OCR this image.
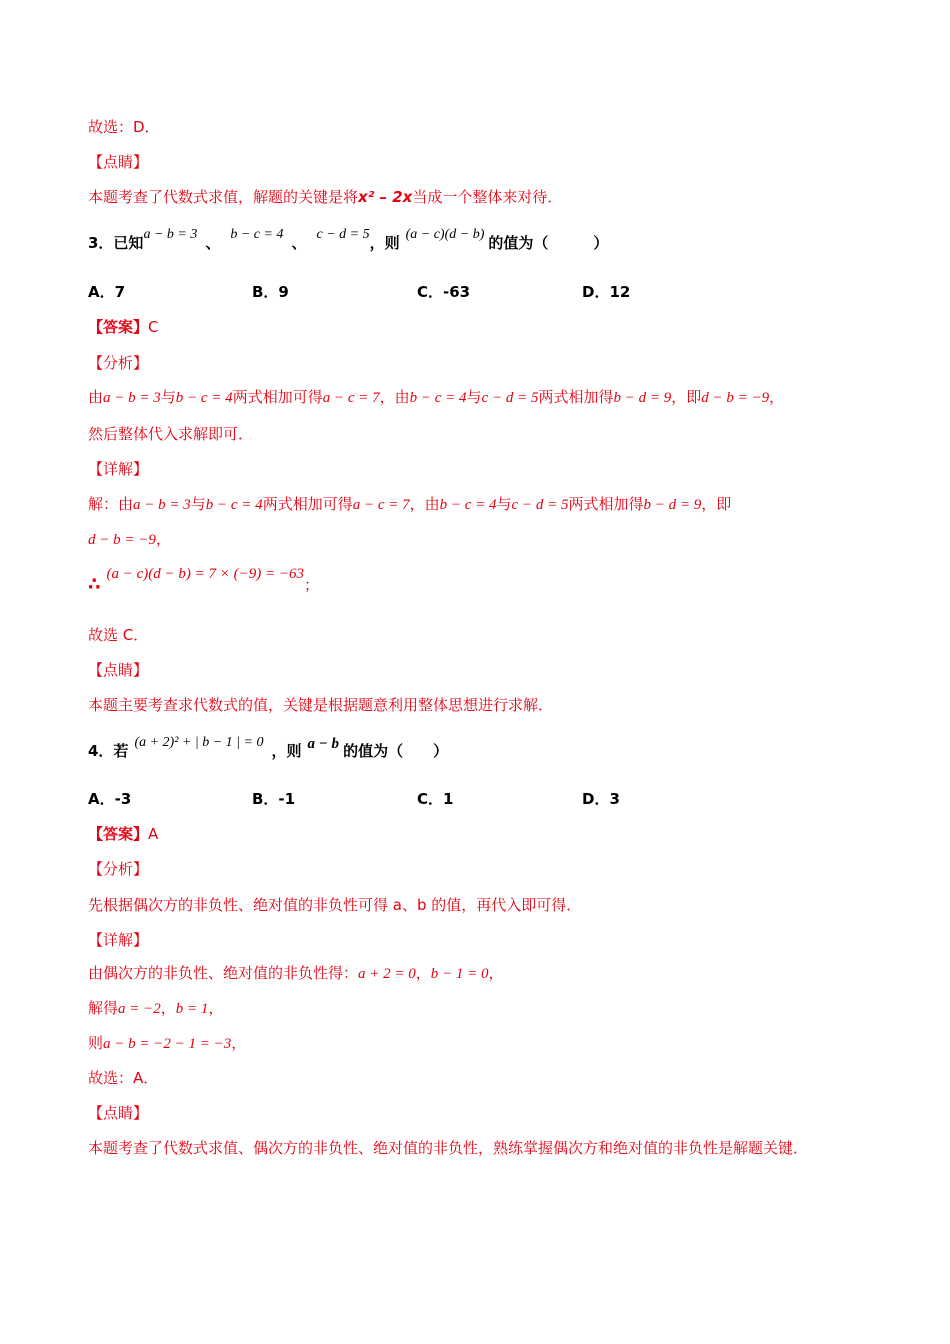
故选：D．
【点睛】
本题考查了代数式求值，解题的关键是将x² – 2x当成一个整体来对待．
3．已知a − b = 3 、 b − c = 4 、 c − d = 5，则 (a − c)(d − b) 的值为（　　　）
A．7	B．9	C．-63	D．12
【答案】C
【分析】
由a − b = 3与b − c = 4两式相加可得a − c = 7，由b − c = 4与c − d = 5两式相加得b − d = 9，即d − b = −9，
然后整体代入求解即可．
【详解】
解：由a − b = 3与b − c = 4两式相加可得a − c = 7，由b − c = 4与c − d = 5两式相加得b − d = 9，即
d − b = −9，
∴ (a − c)(d − b) = 7 × (−9) = −63；
故选 C．
【点睛】
本题主要考查求代数式的值，关键是根据题意利用整体思想进行求解．
4．若 (a + 2)² + | b − 1 | = 0 ，则 a − b 的值为（　　）
A．-3	B．-1	C．1	D．3
【答案】A
【分析】
先根据偶次方的非负性、绝对值的非负性可得 a、b 的值，再代入即可得．
【详解】
由偶次方的非负性、绝对值的非负性得：a + 2 = 0，b − 1 = 0，
解得a = −2，b = 1，
则a − b = −2 − 1 = −3，
故选：A．
【点睛】
本题考查了代数式求值、偶次方的非负性、绝对值的非负性，熟练掌握偶次方和绝对值的非负性是解题关键．
